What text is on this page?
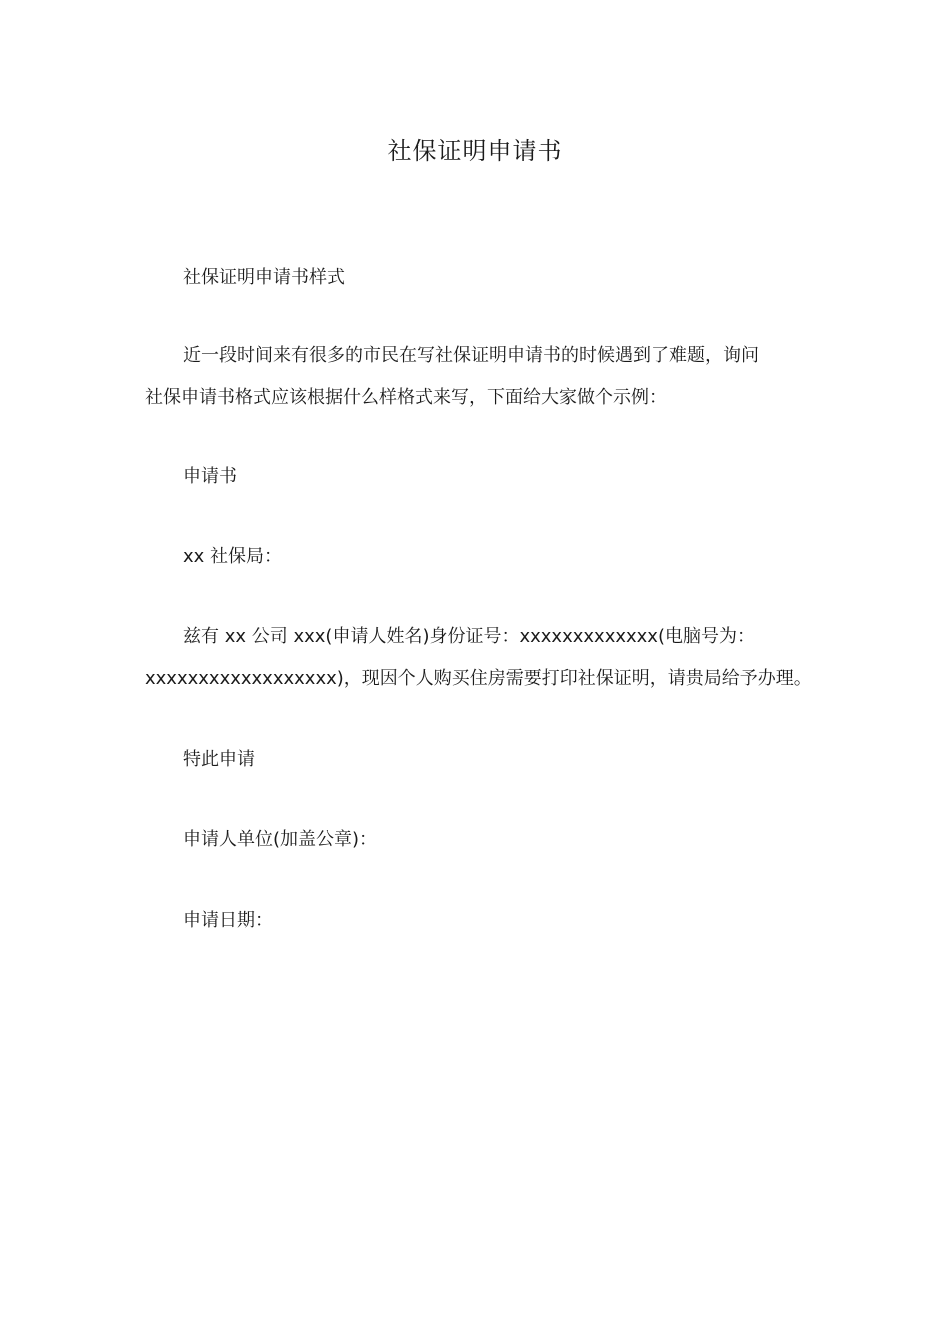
社保证明申请书
社保证明申请书样式
近一段时间来有很多的市民在写社保证明申请书的时候遇到了难题，询问
社保申请书格式应该根据什么样格式来写，下面给大家做个示例：
申请书
xx 社保局：
兹有 xx 公司 xxx(申请人姓名)身份证号：xxxxxxxxxxxxx(电脑号为：
xxxxxxxxxxxxxxxxxx)，现因个人购买住房需要打印社保证明，请贵局给予办理。
特此申请
申请人单位(加盖公章)：
申请日期：
